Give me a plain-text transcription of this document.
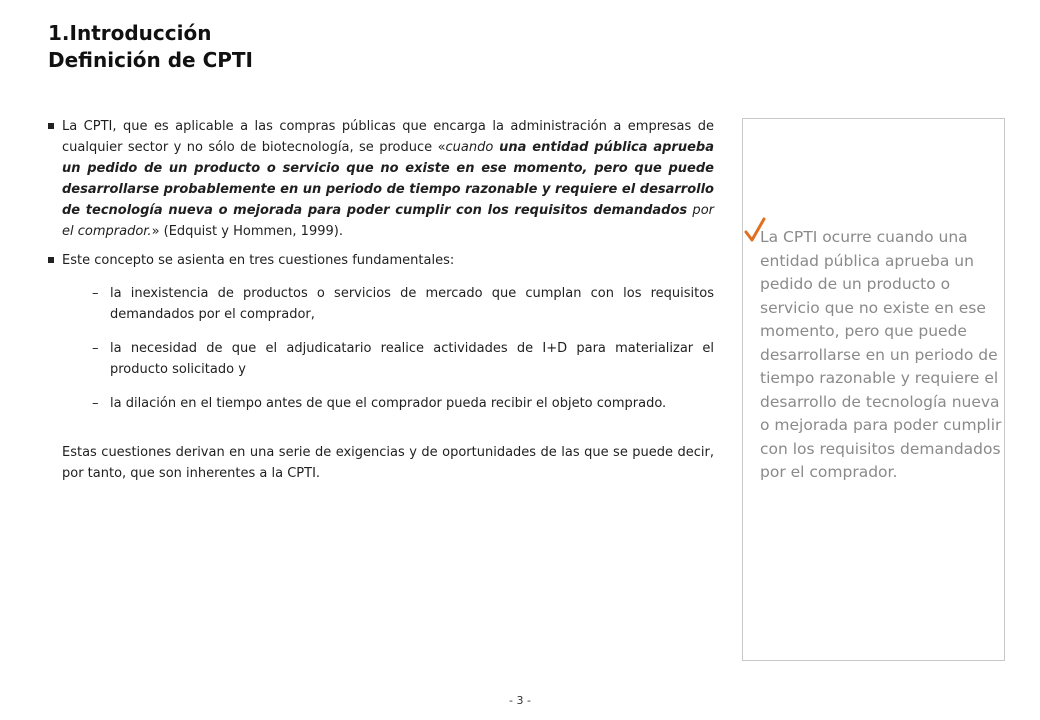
1.Introducción
Definición de CPTI
La CPTI, que es aplicable a las compras públicas que encarga la administración a empresas de cualquier sector y no sólo de biotecnología, se produce «cuando una entidad pública aprueba un pedido de un producto o servicio que no existe en ese momento, pero que puede desarrollarse probablemente en un periodo de tiempo razonable y requiere el desarrollo de tecnología nueva o mejorada para poder cumplir con los requisitos demandados por el comprador.» (Edquist y Hommen, 1999).
Este concepto se asienta en tres cuestiones fundamentales:
– la inexistencia de productos o servicios de mercado que cumplan con los requisitos demandados por el comprador,
– la necesidad de que el adjudicatario realice actividades de I+D para materializar el producto solicitado y
– la dilación en el tiempo antes de que el comprador pueda recibir el objeto comprado.
Estas cuestiones derivan en una serie de exigencias y de oportunidades de las que se puede decir, por tanto, que son inherentes a la CPTI.
La CPTI ocurre cuando una entidad pública aprueba un pedido de un producto o servicio que no existe en ese momento, pero que puede desarrollarse en un periodo de tiempo razonable y requiere el desarrollo de tecnología nueva o mejorada para poder cumplir con los requisitos demandados por el comprador.
- 3 -
